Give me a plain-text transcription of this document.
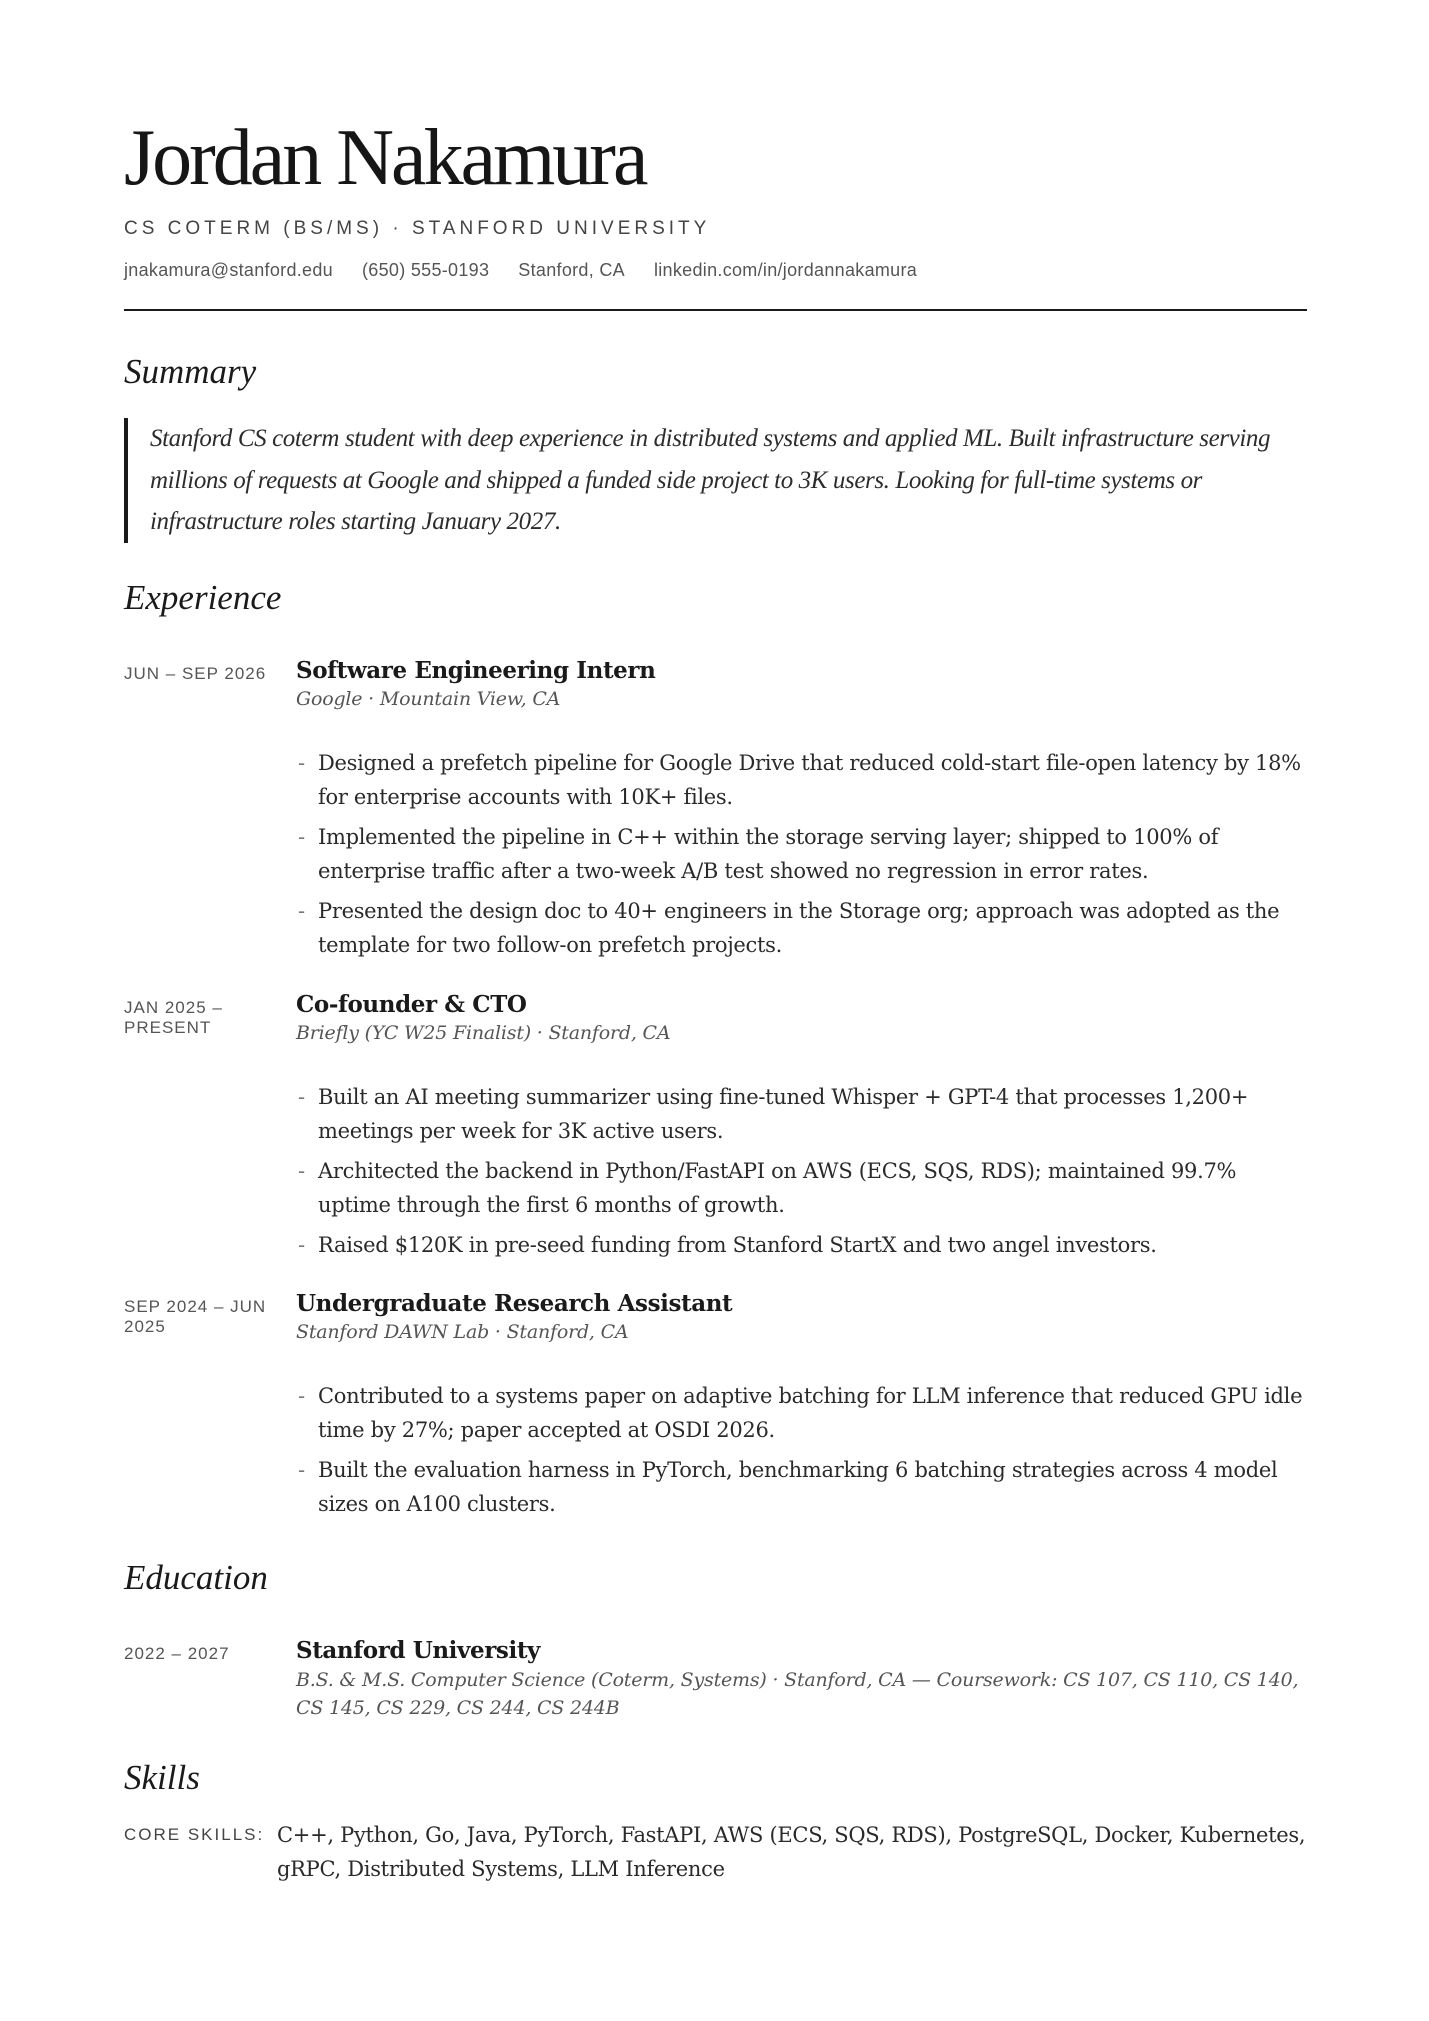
Jordan Nakamura
CS COTERM (BS/MS) · STANFORD UNIVERSITY
jnakamura@stanford.edu (650) 555-0193 Stanford, CA linkedin.com/in/jordannakamura
Summary
Stanford CS coterm student with deep experience in distributed systems and applied ML. Built infrastructure serving millions of requests at Google and shipped a funded side project to 3K users. Looking for full-time systems or infrastructure roles starting January 2027.
Experience
JUN – SEP 2026	Software Engineering Intern
Google · Mountain View, CA
- Designed a prefetch pipeline for Google Drive that reduced cold-start file-open latency by 18% for enterprise accounts with 10K+ files.
- Implemented the pipeline in C++ within the storage serving layer; shipped to 100% of enterprise traffic after a two-week A/B test showed no regression in error rates.
- Presented the design doc to 40+ engineers in the Storage org; approach was adopted as the template for two follow-on prefetch projects.
JAN 2025 – PRESENT
Co-founder & CTO
Briefly (YC W25 Finalist) · Stanford, CA
- Built an AI meeting summarizer using fine-tuned Whisper + GPT-4 that processes 1,200+ meetings per week for 3K active users.
- Architected the backend in Python/FastAPI on AWS (ECS, SQS, RDS); maintained 99.7% uptime through the first 6 months of growth.
- Raised $120K in pre-seed funding from Stanford StartX and two angel investors.
SEP 2024 – JUN 2025
Undergraduate Research Assistant
Stanford DAWN Lab · Stanford, CA
- Contributed to a systems paper on adaptive batching for LLM inference that reduced GPU idle time by 27%; paper accepted at OSDI 2026.
- Built the evaluation harness in PyTorch, benchmarking 6 batching strategies across 4 model sizes on A100 clusters.
Education
2022 – 2027	Stanford University
B.S. & M.S. Computer Science (Coterm, Systems) · Stanford, CA — Coursework: CS 107, CS 110, CS 140, CS 145, CS 229, CS 244, CS 244B
Skills
CORE SKILLS: C++, Python, Go, Java, PyTorch, FastAPI, AWS (ECS, SQS, RDS), PostgreSQL, Docker, Kubernetes, gRPC, Distributed Systems, LLM Inference
